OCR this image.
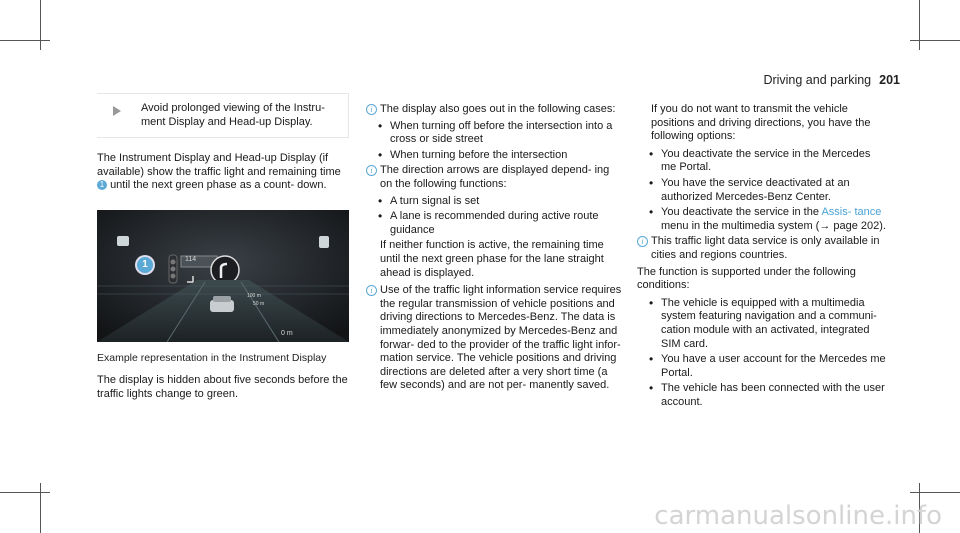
Driving and parking 201
Avoid prolonged viewing of the Instru- ment Display and Head-up Display.

The Instrument Display and Head-up Display (if available) show the traffic light and remaining time 1 until the next green phase as a count- down.

114
100 m
50 m
0 m
1
Example representation in the Instrument Display

The display is hidden about five seconds before the traffic lights change to green.

i The display also goes out in the following cases:
• When turning off before the intersection into a cross or side street
• When turning before the intersection
i The direction arrows are displayed depend- ing on the following functions:
• A turn signal is set
• A lane is recommended during active route guidance

If neither function is active, the remaining time until the next green phase for the lane straight ahead is displayed.

i Use of the traffic light information service requires the regular transmission of vehicle positions and driving directions to Mercedes-Benz. The data is immediately anonymized by Mercedes-Benz and forwar- ded to the provider of the traffic light infor- mation service. The vehicle positions and driving directions are deleted after a very short time (a few seconds) and are not per- manently saved.

If you do not want to transmit the vehicle positions and driving directions, you have the following options:

• You deactivate the service in the Mercedes me Portal.
• You have the service deactivated at an authorized Mercedes-Benz Center.
• You deactivate the service in the Assis- tance menu in the multimedia system (→ page 202).
i This traffic light data service is only available in cities and regions countries.

The function is supported under the following conditions:

• The vehicle is equipped with a multimedia system featuring navigation and a communi- cation module with an activated, integrated SIM card.
• You have a user account for the Mercedes me Portal.
• The vehicle has been connected with the user account.
carmanualsonline.info
